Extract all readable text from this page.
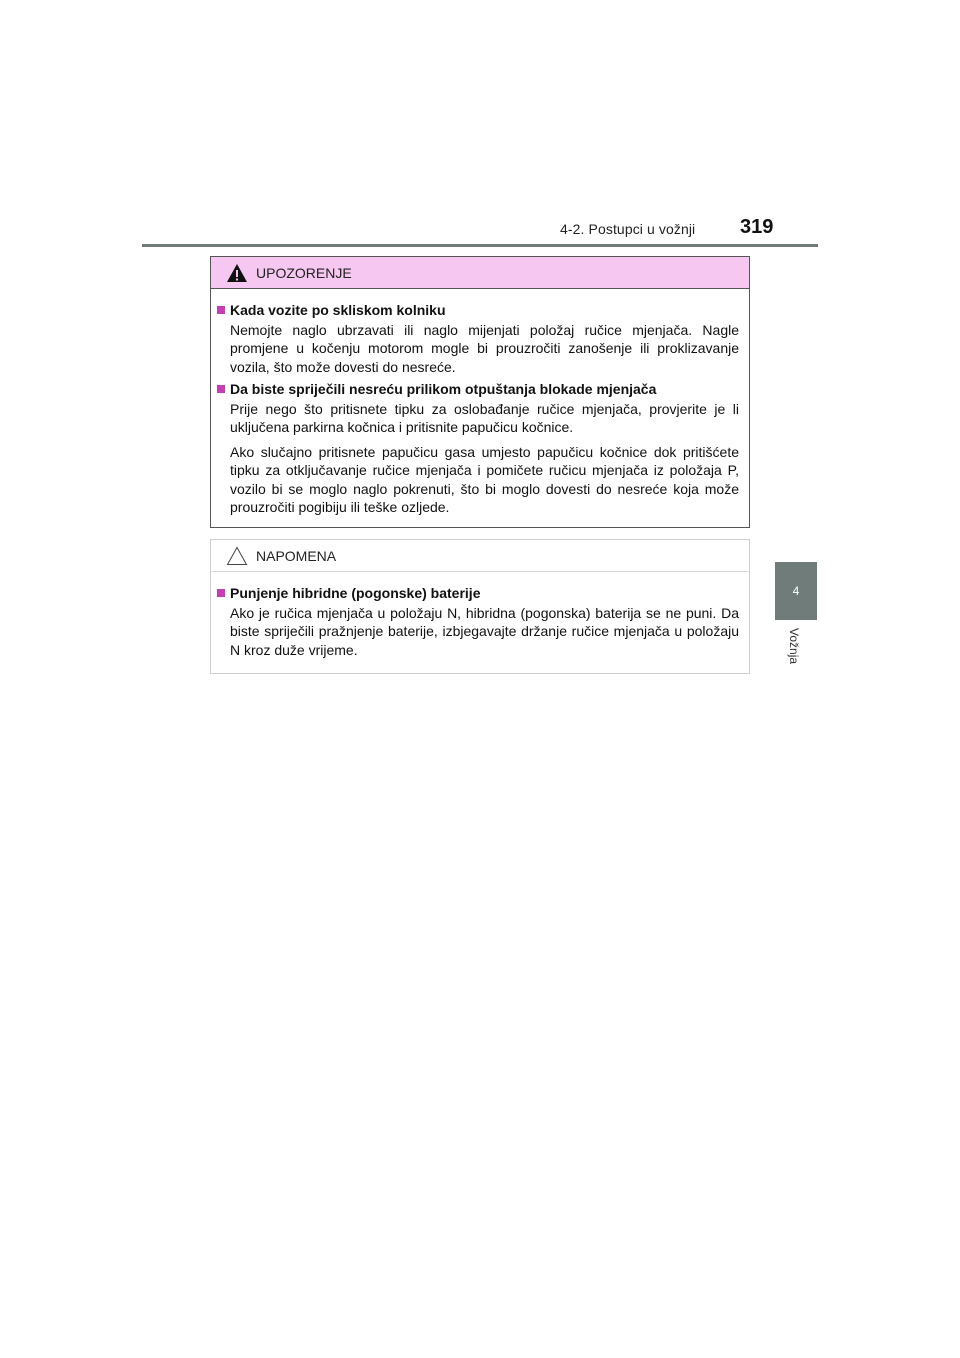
4-2. Postupci u vožnji 319
4
Vožnja
UPOZORENJE
Kada vozite po skliskom kolniku

Nemojte naglo ubrzavati ili naglo mijenjati položaj ručice mjenjača. Nagle promjene u kočenju motorom mogle bi prouzročiti zanošenje ili proklizavanje vozila, što može dovesti do nesreće.

Da biste spriječili nesreću prilikom otpuštanja blokade mjenjača

Prije nego što pritisnete tipku za oslobađanje ručice mjenjača, provjerite je li uključena parkirna kočnica i pritisnite papučicu kočnice.

Ako slučajno pritisnete papučicu gasa umjesto papučicu kočnice dok pritišćete tipku za otključavanje ručice mjenjača i pomičete ručicu mjenjača iz položaja P, vozilo bi se moglo naglo pokrenuti, što bi moglo dovesti do nesreće koja može prouzročiti pogibiju ili teške ozljede.

NAPOMENA
Punjenje hibridne (pogonske) baterije

Ako je ručica mjenjača u položaju N, hibridna (pogonska) baterija se ne puni. Da biste spriječili pražnjenje baterije, izbjegavajte držanje ručice mjenjača u položaju N kroz duže vrijeme.
